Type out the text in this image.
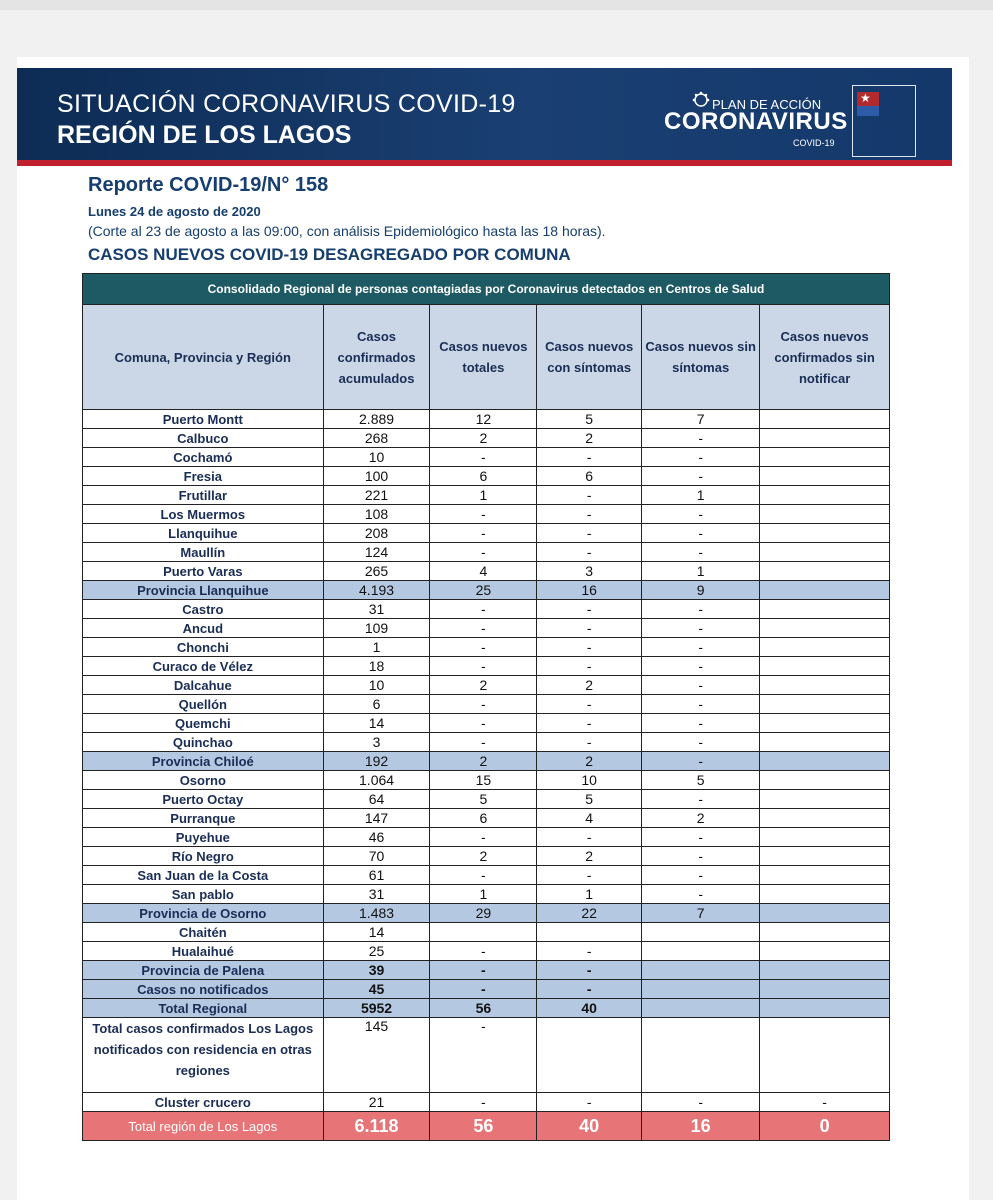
SITUACIÓN CORONAVIRUS COVID-19
REGIÓN DE LOS LAGOS
PLAN DE ACCIÓN
CORONAVIRUS
COVID-19
★
Reporte COVID-19/N° 158
Lunes 24 de agosto de 2020
(Corte al 23 de agosto a las 09:00, con análisis Epidemiológico hasta las 18 horas).
CASOS NUEVOS COVID-19 DESAGREGADO POR COMUNA
Consolidado Regional de personas contagiadas por Coronavirus detectados en Centros de Salud					
Comuna, Provincia y Región	Casos confirmados acumulados	Casos nuevos totales	Casos nuevos con síntomas	Casos nuevos sin síntomas	Casos nuevos confirmados sin notificar
Puerto Montt	2.889	12	5	7	
Calbuco	268	2	2	-	
Cochamó	10	-	-	-	
Fresia	100	6	6	-	
Frutillar	221	1	-	1	
Los Muermos	108	-	-	-	
Llanquihue	208	-	-	-	
Maullín	124	-	-	-	
Puerto Varas	265	4	3	1	
Provincia Llanquihue	4.193	25	16	9	
Castro	31	-	-	-	
Ancud	109	-	-	-	
Chonchi	1	-	-	-	
Curaco de Vélez	18	-	-	-	
Dalcahue	10	2	2	-	
Quellón	6	-	-	-	
Quemchi	14	-	-	-	
Quinchao	3	-	-	-	
Provincia Chiloé	192	2	2	-	
Osorno	1.064	15	10	5	
Puerto Octay	64	5	5	-	
Purranque	147	6	4	2	
Puyehue	46	-	-	-	
Río Negro	70	2	2	-	
San Juan de la Costa	61	-	-	-	
San pablo	31	1	1	-	
Provincia de Osorno	1.483	29	22	7	
Chaitén	14				
Hualaihué	25	-	-		
Provincia de Palena	39	-	-		
Casos no notificados	45	-	-		
Total Regional	5952	56	40		
Total casos confirmados Los Lagos notificados con residencia en otras regiones	145	-			
Cluster crucero	21	-	-	-	-
Total región de Los Lagos	6.118	56	40	16	0
